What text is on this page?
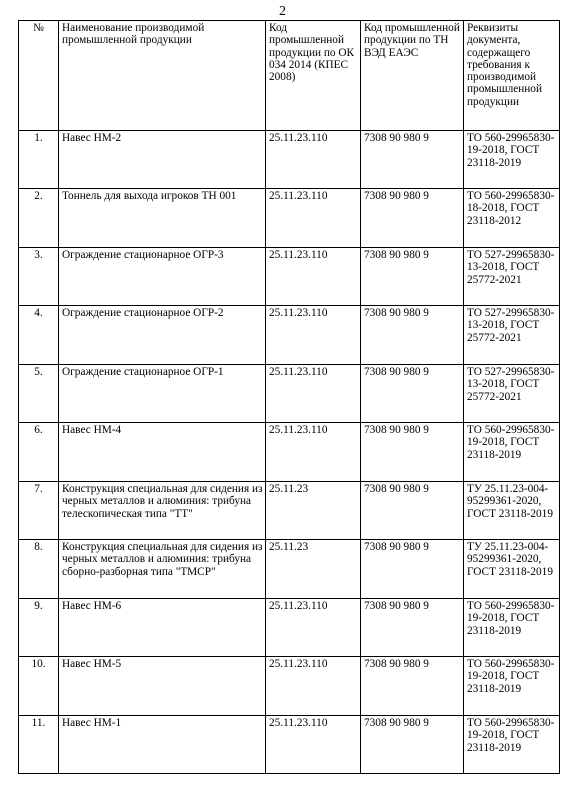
2
№	Наименование производимой промышленной продукции	Код промышленной продукции по ОК 034 2014 (КПЕС 2008)	Код промышленной продукции по ТН ВЭД ЕАЭС	Реквизиты документа, содержащего требования к производимой промышленной продукции
1.	Навес НМ-2	25.11.23.110	7308 90 980 9	ТО 560-29965830-19-2018, ГОСТ 23118-2019
2.	Тоннель для выхода игроков ТН 001	25.11.23.110	7308 90 980 9	ТО 560-29965830-18-2018, ГОСТ 23118-2012
3.	Ограждение стационарное ОГР-3	25.11.23.110	7308 90 980 9	ТО 527-29965830-13-2018, ГОСТ 25772-2021
4.	Ограждение стационарное ОГР-2	25.11.23.110	7308 90 980 9	ТО 527-29965830-13-2018, ГОСТ 25772-2021
5.	Ограждение стационарное ОГР-1	25.11.23.110	7308 90 980 9	ТО 527-29965830-13-2018, ГОСТ 25772-2021
6.	Навес НМ-4	25.11.23.110	7308 90 980 9	ТО 560-29965830-19-2018, ГОСТ 23118-2019
7.	Конструкция специальная для сидения из черных металлов и алюминия: трибуна телескопическая типа "ТТ"	25.11.23	7308 90 980 9	ТУ 25.11.23-004-95299361-2020, ГОСТ 23118-2019
8.	Конструкция специальная для сидения из черных металлов и алюминия: трибуна сборно-разборная типа "ТМСР"	25.11.23	7308 90 980 9	ТУ 25.11.23-004-95299361-2020, ГОСТ 23118-2019
9.	Навес НМ-6	25.11.23.110	7308 90 980 9	ТО 560-29965830-19-2018, ГОСТ 23118-2019
10.	Навес НМ-5	25.11.23.110	7308 90 980 9	ТО 560-29965830-19-2018, ГОСТ 23118-2019
11.	Навес НМ-1	25.11.23.110	7308 90 980 9	ТО 560-29965830-19-2018, ГОСТ 23118-2019
